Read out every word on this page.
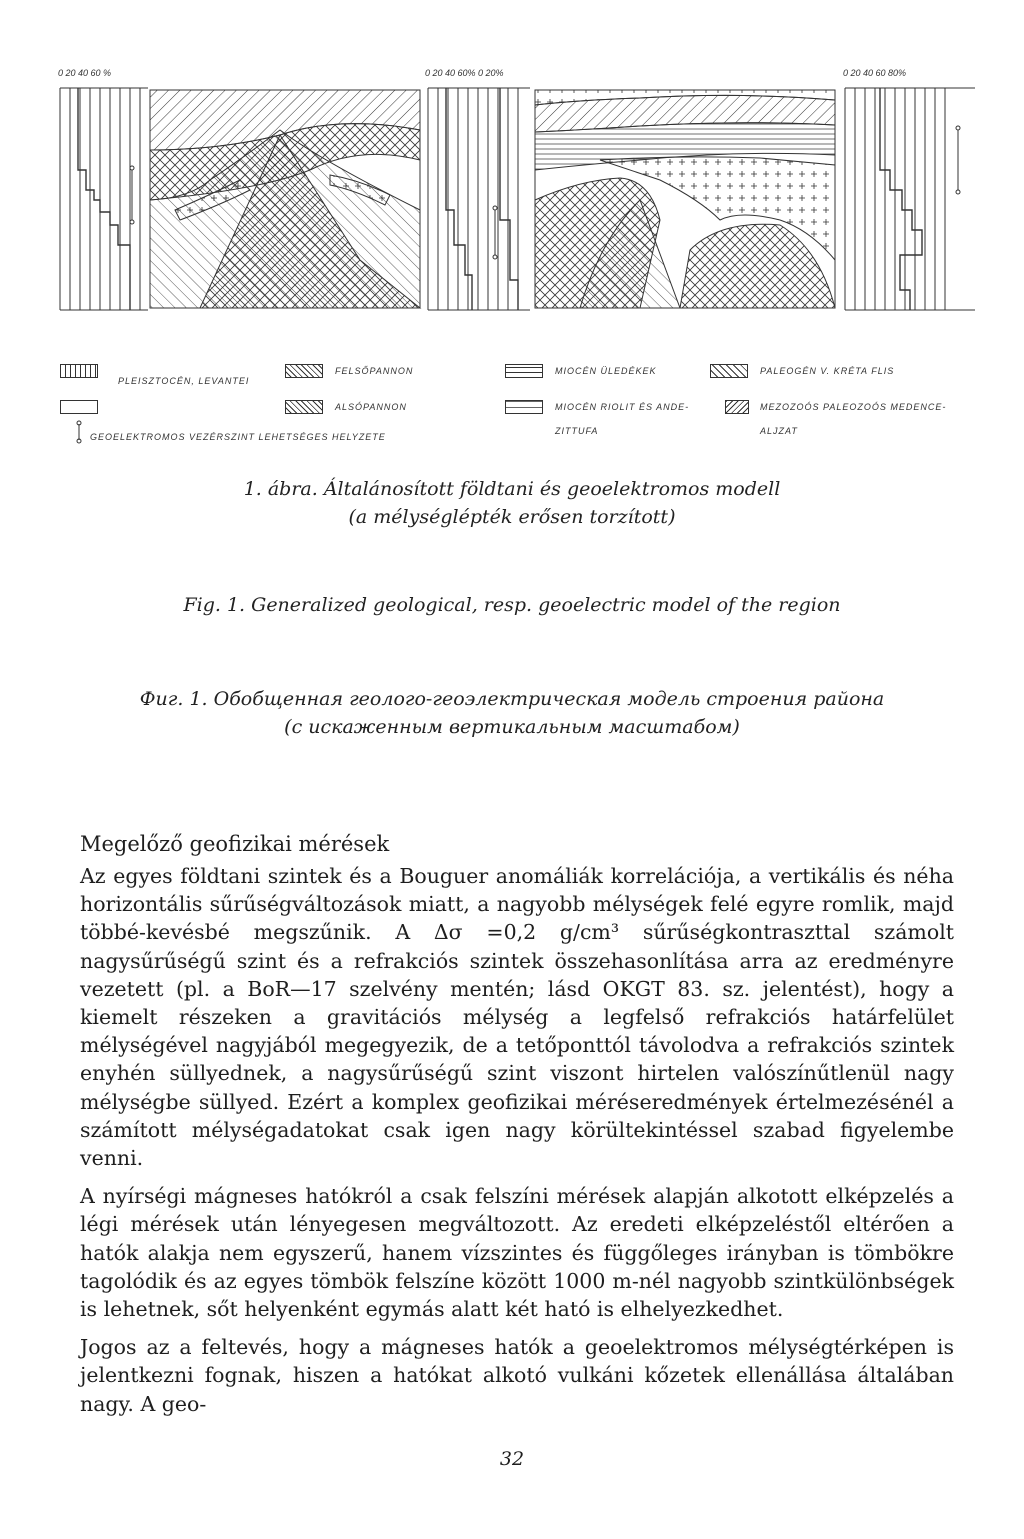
0 20 40 60 %	0 20 40 60% 0 20%	0 20 40 60 80%
PLEISZTOCÉN, LEVANTEI
FELSŐPANNON
ALSÓPANNON
MIOCÉN ÜLEDÉKEK
MIOCÉN RIOLIT ÉS ANDE-
ZITTUFA
PALEOGÉN V. KRÉTA FLIS
MEZOZOÓS PALEOZOÓS MEDENCE-
ALJZAT
GEOELEKTROMOS VEZÉRSZINT LEHETSÉGES HELYZETE
1. ábra. Általánosított földtani és geoelektromos modell
(a mélységlépték erősen torzított)
Fig. 1. Generalized geological, resp. geoelectric model of the region
Фиг. 1. Обобщенная геолого-геоэлектрическая модель строения района
(с искаженным вертикальным масштабом)
Megelőző geofizikai mérések

Az egyes földtani szintek és a Bouguer anomáliák korrelációja, a vertikális és néha horizontális sűrűségváltozások miatt, a nagyobb mélységek felé egyre romlik, majd többé-kevésbé megszűnik. A Δσ =0,2 g/cm³ sűrűségkontraszttal számolt nagysűrűségű szint és a refrakciós szintek összehasonlítása arra az eredményre vezetett (pl. a BoR—17 szelvény mentén; lásd OKGT 83. sz. jelentést), hogy a kiemelt részeken a gravitációs mélység a legfelső refrakciós határfelület mélységével nagyjából megegyezik, de a tetőponttól távolodva a refrakciós szintek enyhén süllyednek, a nagysűrűségű szint viszont hirtelen valószínűtlenül nagy mélységbe süllyed. Ezért a komplex geofizikai méréseredmények értelmezésénél a számított mélységadatokat csak igen nagy körültekintéssel szabad figyelembe venni.

A nyírségi mágneses hatókról a csak felszíni mérések alapján alkotott elképzelés a légi mérések után lényegesen megváltozott. Az eredeti elképzeléstől eltérően a hatók alakja nem egyszerű, hanem vízszintes és függőleges irányban is tömbökre tagolódik és az egyes tömbök felszíne között 1000 m-nél nagyobb szintkülönbségek is lehetnek, sőt helyenként egymás alatt két ható is elhelyezkedhet.

Jogos az a feltevés, hogy a mágneses hatók a geoelektromos mélységtérképen is jelentkezni fognak, hiszen a hatókat alkotó vulkáni kőzetek ellenállása általában nagy. A geo-

32
